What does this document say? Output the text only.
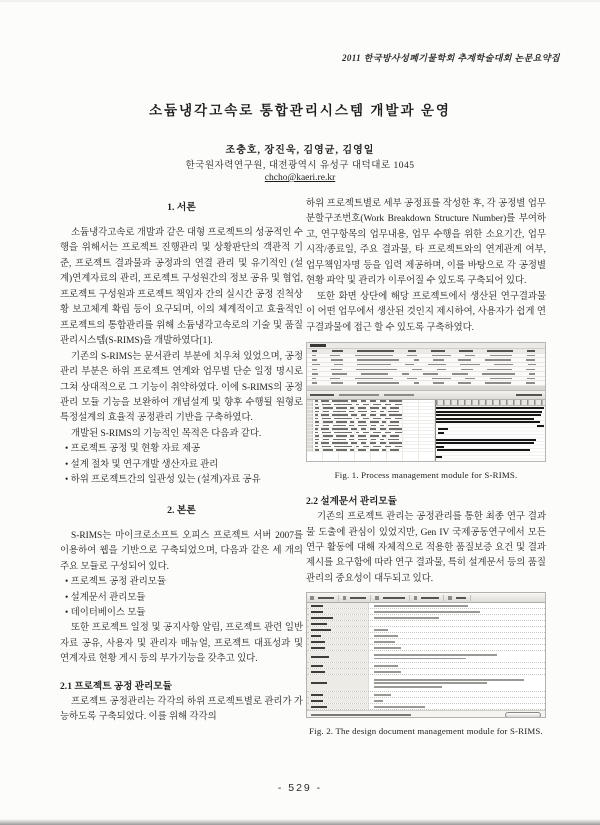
2011 한국방사성폐기물학회 추계학술대회 논문요약집
소듐냉각고속로 통합관리시스템 개발과 운영
조충호, 장진욱, 김영균, 김영일
한국원자력연구원, 대전광역시 유성구 대덕대로 1045
chcho@kaeri.re.kr
1. 서론

소듐냉각고속로 개발과 같은 대형 프로젝트의 성공적인 수행을 위해서는 프로젝트 진행관리 및 상황판단의 객관적 기준, 프로젝트 결과물과 공정과의 연결 관리 및 유기적인 (설계)연계자료의 관리, 프로젝트 구성원간의 정보 공유 및 협업, 프로젝트 구성원과 프로젝트 책임자 간의 실시간 공정 진척상황 보고체계 확립 등이 요구되며, 이의 체계적이고 효율적인 프로젝트의 통합관리를 위해 소듐냉각고속로의 기술 및 품질 관리시스템(S-RIMS)을 개발하였다[1].

기존의 S-RIMS는 문서관리 부분에 치우쳐 있었으며, 공정관리 부분은 하위 프로젝트 연계와 업무별 단순 일정 명시로 그쳐 상대적으로 그 기능이 취약하였다. 이에 S-RIMS의 공정관리 모듈 기능을 보완하여 개념설계 및 향후 수행될 원형로 특정설계의 효율적 공정관리 기반을 구축하였다.

개발된 S-RIMS의 기능적인 목적은 다음과 같다.

• 프로젝트 공정 및 현황 자료 제공
• 설계 절차 및 연구개발 생산자료 관리
• 하위 프로젝트간의 일관성 있는 (설계)자료 공유
2. 본론

S-RIMS는 마이크로소프트 오피스 프로젝트 서버 2007를 이용하여 웹을 기반으로 구축되었으며, 다음과 같은 세 개의 주요 모듈로 구성되어 있다.

• 프로젝트 공정 관리모듈
• 설계문서 관리모듈
• 데이터베이스 모듈

또한 프로젝트 일정 및 공지사항 알림, 프로젝트 관련 일반 자료 공유, 사용자 및 관리자 매뉴얼, 프로젝트 대표성과 및 연계자료 현황 게시 등의 부가기능을 갖추고 있다.

2.1 프로젝트 공정 관리모듈

프로젝트 공정관리는 각각의 하위 프로젝트별로 관리가 가능하도록 구축되었다. 이를 위해 각각의

하위 프로젝트별로 세부 공정표를 작성한 후, 각 공정별 업무분할구조번호(Work Breakdown Structure Number)를 부여하고, 연구항목의 업무내용, 업무 수행을 위한 소요기간, 업무 시작/종료일, 주요 결과물, 타 프로젝트와의 연계관계 여부, 업무책임자명 등을 입력 제공하며, 이를 바탕으로 각 공정별 현황 파악 및 관리가 이루어질 수 있도록 구축되어 있다.

또한 화면 상단에 해당 프로젝트에서 생산된 연구결과물이 어떤 업무에서 생산된 것인지 제시하여, 사용자가 쉽게 연구결과물에 접근 할 수 있도록 구축하였다.

Fig. 1. Process management module for S-RIMS.
2.2 설계문서 관리모듈

기존의 프로젝트 관리는 공정관리를 통한 최종 연구 결과물 도출에 관심이 있었지만, Gen IV 국제공동연구에서 모든 연구 활동에 대해 자체적으로 적용한 품질보증 요건 및 결과 제시를 요구함에 따라 연구 결과물, 특히 설계문서 등의 품질관리의 중요성이 대두되고 있다.

Fig. 2. The design document management module for S-RIMS.
- 529 -
